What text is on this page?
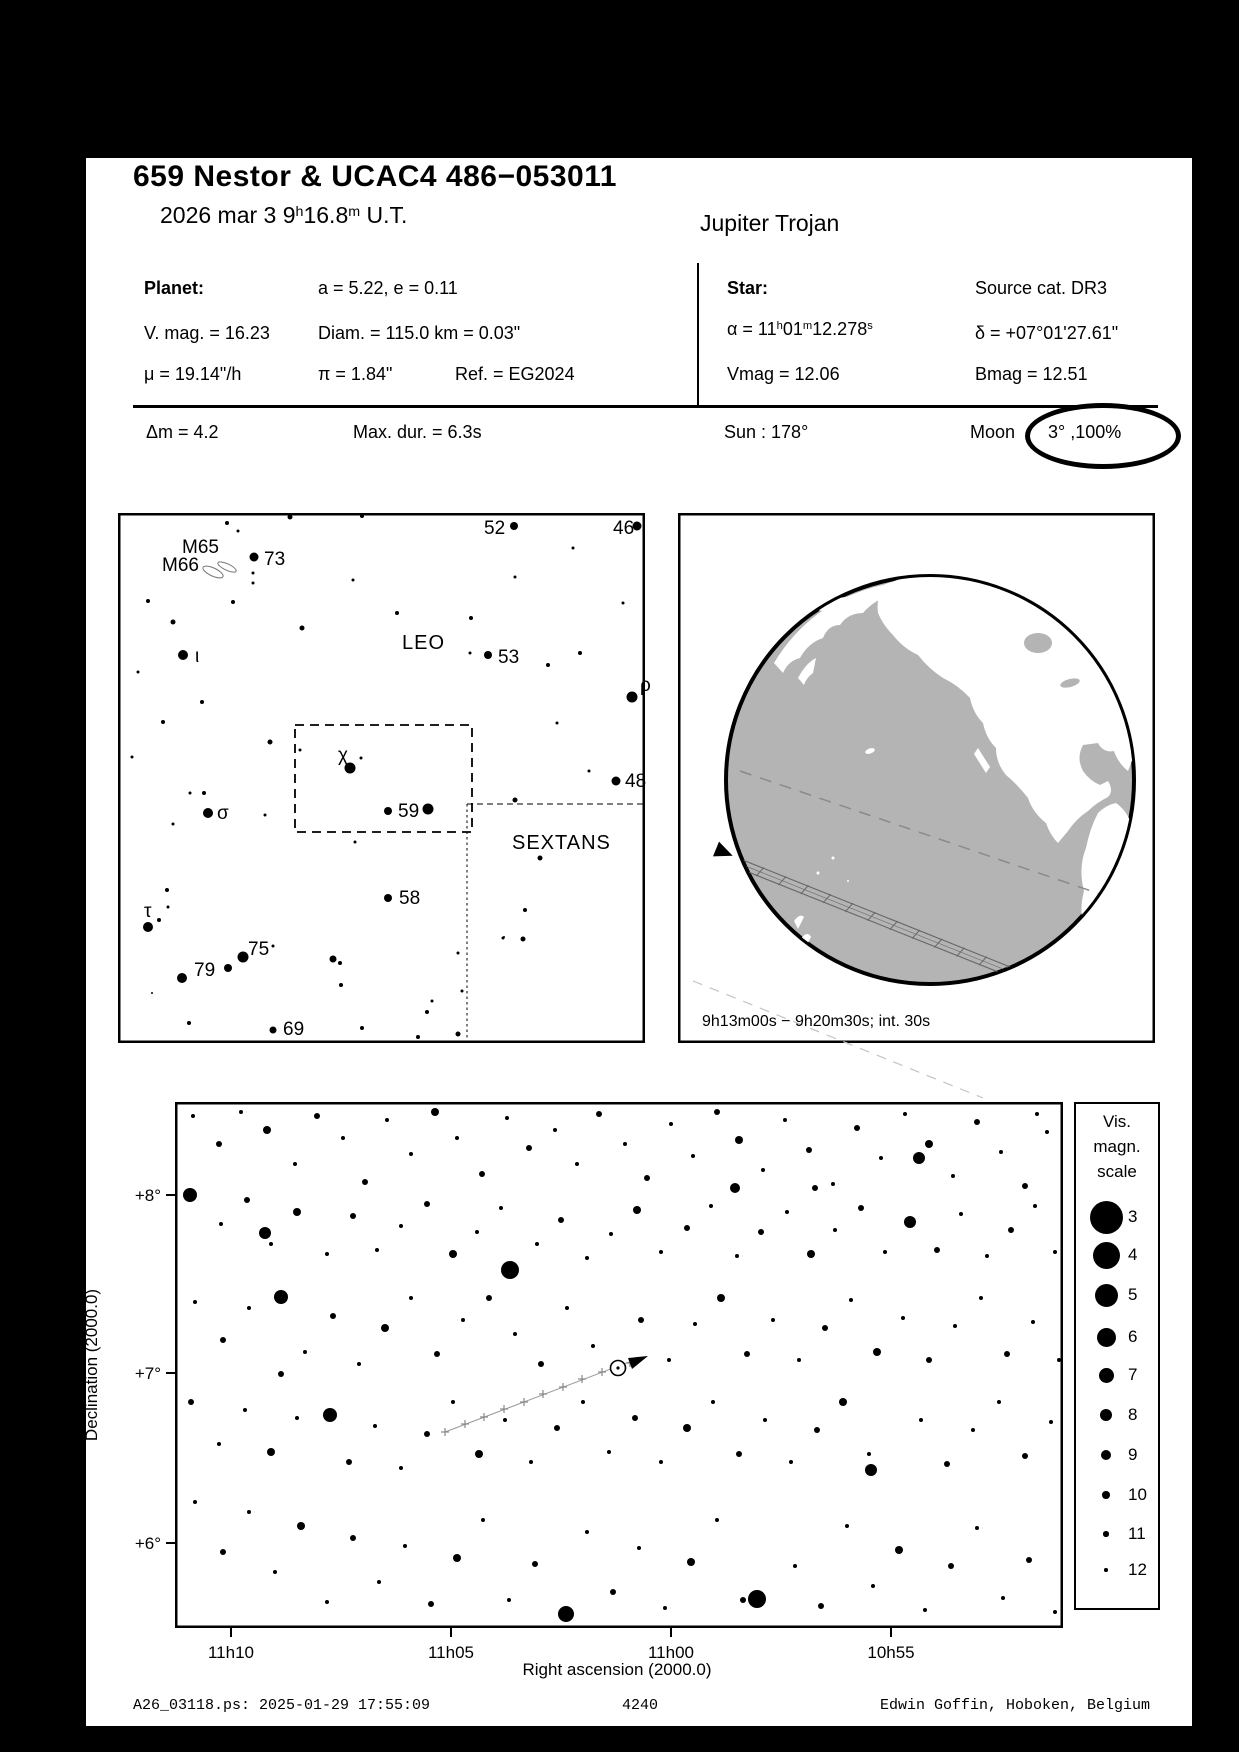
659 Nestor & UCAC4 486−053011
2026 mar 3 9$^h$16.8$^m$ U.T.	Jupiter Trojan
Planet:	a = 5.22, e = 0.11	Star:	Source cat. DR3
V. mag. = 16.23	Diam. = 115.0 km = 0.03"	$\alpha = 11^h01^m12.278^s$	δ = +07°01'27.61"
μ = 19.14"/h	π = 1.84"	Ref. = EG2024	Vmag = 12.06	Bmag = 12.51
Δm = 4.2	Max. dur. = 6.3s	Sun : 178°	Moon 3° ,100%
M65
M66	73
52	46
ι	53
ρ
48
χ
59
σ
58
τ
75
79
69
LEO
SEXTANS
9h13m00s − 9h20m30s; int. 30s
11h10	11h05	11h00	10h55
+8°
+7°
+6°
Right ascension (2000.0)
Declination (2000.0)
Vis.
magn.
scale
3
4
5
6
7
8
9
10
11
12
A26_03118.ps: 2025-01-29 17:55:09	4240	Edwin Goffin, Hoboken, Belgium
